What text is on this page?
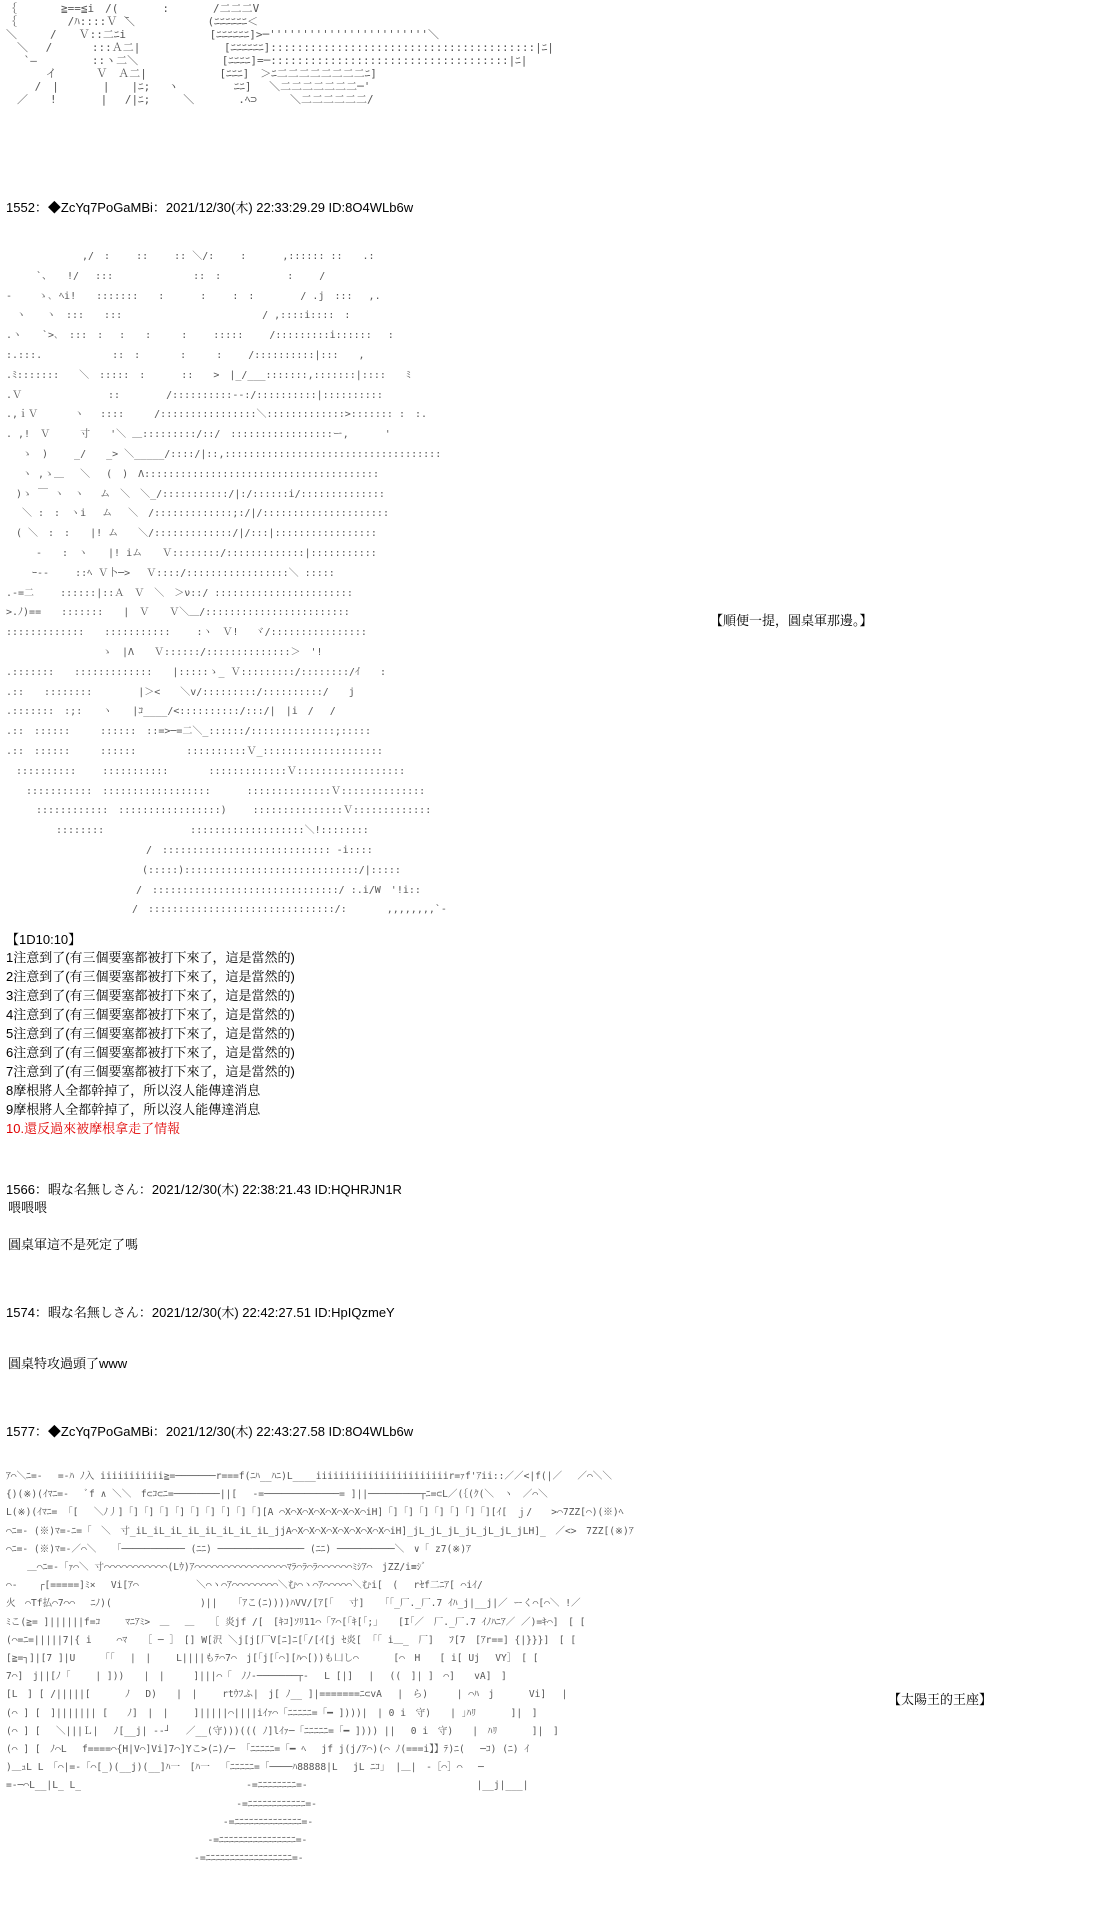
｛　　　　≧==≦i　/(　　　　:　　　　/二二二V
｛　　　　 /ﾊ::::Ｖ ̄＼　　　　　　 (ﾆﾆﾆﾆﾆﾆ＜
＼　　　/　　Ｖ::二ﾆi　　　　　　　 [ﾆﾆﾆﾆﾆﾆ]>─''''''''''''''''''''''''＼
　＼　 /　　　 :::Ａ二|　　　　　　　 [ﾆﾆﾆﾆﾆﾆ]::::::::::::::::::::::::::::::::::::::::|ﾆ|
　 `―　　　　　::ヽ二＼　　　　　　　 [ﾆﾆﾆﾆ]=─::::::::::::::::::::::::::::::::::::|ﾆ|
　　　 イ　　　 Ｖ　Ａ二|　　　　　　 [ﾆﾆﾆ]　＞ﾆ二二二二二二二二ﾆ]
　　 /　|　　　　|　　|ﾆ;　 ヽ　　　　　ﾆﾆ]　 ＼二二二二二二二─'
　／　　!　　　　|　 /|ﾆ;　　　＼　　　　.ﾍ⊃　　　＼二二二二二二/
1552：◆ZcYq7PoGaMBi：2021/12/30(木) 22:33:29.29 ID:8O4WLb6w
　　　　　　　 ,/　:　　 ::　　 :: ＼/:　　 :　　　 ,:::::: ::　　.:
　　　`、　　!/ 　:::　　　　　　　　::　:　　　　　　 :　　 /
-　　 ゝ､ ﾍi!　　:::::::　　:　　　 :　　 :　:　　　　 / .j　:::　 ,.
　ヽ　　ヽ　:::　　:::　　　　　　　　　　　　　　/ ,::::i::::　:
.ヽ　　`>､　:::　:　 :　　:　　　:　　 :::::　　 /:::::::::i::::::　 :
:.:::.　　　　　　　::　:　　　　:　　　:　　 /::::::::::|:::　　,
.ﾐ:::::::　　＼　:::::　:　　　 ::　　>　|_/___:::::::,:::::::|::::　　ﾐ
.Ｖ　　　　　　　　 ::　　　　 /::::::::::--:/::::::::::|::::::::::
.,ｉＶ　　　 ヽ　 ::::　　　/::::::::::::::::＼:::::::::::::>::::::: :　:.
. ,!　Ｖ　　　寸　　'＼ ＿:::::::::/::/　:::::::::::::::::ー,　　　 '
　 ゝ　)　　 _/　　_> ＼_____/::::/|::,::::::::::::::::::::::::::::::::::::
　 ヽ ,ゝ＿　 ＼　 (　)　Λ:::::::::::::::::::::::::::::::::::::::
　)ゝ ￣ ヽ　ヽ　 ム　＼　＼_/:::::::::::/|:/::::::i/::::::::::::::
　 ＼ :　:　ヽi　 ム　 ＼　/:::::::::::::;:/|/:::::::::::::::::::::
　( ＼　:　:　　|! ム　　＼/:::::::::::::/|/:::|:::::::::::::::::
　　　-　　:　ヽ　　|! iム　　Ｖ::::::::/:::::::::::::|:::::::::::
　　 ｰ-‐　　 ::ﾍ Ｖ卜─>　 Ｖ::::/:::::::::::::::::＼ :::::
.-=二　　 ::::::|::Ａ　Ｖ　＼　＞ν::/ :::::::::::::::::::::::
>.ﾉ)==　　:::::::　　|　Ｖ　　Ｖ＼＿/::::::::::::::::::::::::
:::::::::::::　　:::::::::::　　 :ヽ　Ｖ!　 ヾ/::::::::::::::::
　　　　　　　　　 ゝ　|Λ　　Ｖ::::::/::::::::::::::＞　'!
.:::::::　　:::::::::::::　　|:::::ゝ_ Ｖ:::::::::/::::::::/ｲ　　:
.::　　::::::::　　　　 |＞<　　＼v/:::::::::/::::::::::/　　j
.:::::::　:;:　　ヽ　　|ｺ____/<::::::::::/:::/|　|i　/　 /
.::　::::::　　　::::::　::=>─=二＼_::::::/::::::::::::::;:::::
.::　::::::　　　::::::　　　　　::::::::::Ｖ_::::::::::::::::::::
　::::::::::　　 :::::::::::　　　　:::::::::::::Ｖ::::::::::::::::::
　　:::::::::::　::::::::::::::::::　　　 ::::::::::::::Ｖ::::::::::::::
　　　::::::::::::　:::::::::::::::::)　　 :::::::::::::::Ｖ:::::::::::::
　　　　　::::::::　　　　　　　　 :::::::::::::::::::＼!::::::::
　　　　　　　　　　　　　　/　:::::::::::::::::::::::::::: -i::::
　　　　　　　　　　　　　 (:::::):::::::::::::::::::::::::::::/|:::::
　　　　　　　　　　　　　/　:::::::::::::::::::::::::::::::/ :.i/W　'!i::
　　　　　　　　　　　　 /　:::::::::::::::::::::::::::::::/:　　　　,,,,,,,,`-
【順便一提，圓桌軍那邊。】
【1D10:10】
1注意到了(有三個要塞都被打下來了，這是當然的)
2注意到了(有三個要塞都被打下來了，這是當然的)
3注意到了(有三個要塞都被打下來了，這是當然的)
4注意到了(有三個要塞都被打下來了，這是當然的)
5注意到了(有三個要塞都被打下來了，這是當然的)
6注意到了(有三個要塞都被打下來了，這是當然的)
7注意到了(有三個要塞都被打下來了，這是當然的)
8摩根將人全都幹掉了，所以沒人能傳達消息
9摩根將人全都幹掉了，所以沒人能傳達消息
10.還反過來被摩根拿走了情報
1566：暇な名無しさん：2021/12/30(木) 22:38:21.43 ID:HQHRJN1R
喂喂喂
圓桌軍這不是死定了嗎
1574：暇な名無しさん：2021/12/30(木) 22:42:27.51 ID:HpIQzmeY
圓桌特攻過頭了www
1577：◆ZcYq7PoGaMBi：2021/12/30(木) 22:43:27.58 ID:8O4WLb6w
ｱ⌒＼ﾆ=-　 =-ﾊ ﾉ入 iiiiiiiiiii≧=───────r===f(ﾆﾊ__ﾊﾆ)L____iiiiiiiiiiiiiiiiiiiiiiir=ｧf'ｱii::／／<|f(|／　 ／⌒＼＼
{)(※)(ｲﾏﾆ=- 　ﾞf ∧ ＼＼　f⊂ｺ⊂ﾆ=────────||[　 -=─────────────= ]||─────────┬ﾆ=⊂L／(｛(ｸ(＼　ヽ　／⌒＼
L(※)(ｲﾏﾆ= 「[　 ＼ﾉ丿]「]「]「]「]「]「]「]「]「][A ⌒X⌒X⌒X⌒X⌒X⌒X⌒X⌒iH]「]「]「]「]「]「]「][ｲ[　ｊ/　　>⌒7ZZ[⌒)(※)ﾍ
⌒ﾆ=- (※)ﾏ=-ﾆ=「　＼　寸_iL_iL_iL_iL_iL_iL_iL_iL_jjA⌒X⌒X⌒X⌒X⌒X⌒X⌒X⌒X⌒iH]_jL_jL_jL_jL_jL_jL_jLH]_　／<>　7ZZ[(※)ｱ
⌒ﾆ=- (※)ﾏ=-／⌒＼　 「─────────── (ﾆﾆ) ─────────────── (ﾆﾆ) ──────────＼　∨「 z7(※)ｱ
　 ＿⌒ﾆ=-「ｧ⌒＼ 寸⌒⌒⌒⌒⌒⌒⌒⌒⌒⌒⌒(Lｳ)ｱ⌒⌒⌒⌒⌒⌒⌒⌒⌒⌒⌒⌒⌒⌒⌒⌒ﾏﾗ⌒ﾗ⌒ﾗ⌒⌒⌒⌒⌒⌒ﾐｼｱ⌒　jZZ/i≡ｼﾞ
⌒- 　 ┌[=====]ﾐ×　 Vi[ｱ⌒　　　　　　＼⌒ヽ⌒ｱ⌒⌒⌒⌒⌒⌒⌒⌒＼む⌒ヽ⌒ｱ⌒⌒⌒⌒⌒＼むi[　(　 rｾf二ﾆｱ[ ⌒iｲ/
火　⌒Tf払⌒7⌒⌒ 　ﾆﾉ)( 　　　　　　　　 )||　 「ｱこ(ﾆ))))ﾊVV/[ｱ[「　 寸]　 「「_厂._厂.7 ｲﾊ_j|__j|／ ーく⌒[⌒＼ !／
ﾐこ(≧= ]||||||f=ｺ　　 ﾏﾆｱﾐ>　＿　 ＿　 ［ 炎jf /[　[ｷｺ]ｿﾘ11⌒「ｱ⌒[「ｷ[「;」 　[I｢／　厂._厂.7 ｲﾉﾊﾆｱ／ ／)=ｷ⌒]　[ [
(⌒=ﾆ=|||||7|{ i　　 ⌒ﾏ　 ［ ─ ］　[] W[沢 ＼j[j[厂V[ﾆ]ﾆ[「/[ｲ[j ｾ炎[ 「「 i＿_　厂]　 ﾌ[7　[ｱr==] {|}}}]　[ [
[≧=┐]|[7 ]|U　　 「「 　|　|　　 L||||もﾃ⌒7⌒　j[「j[「⌒][ﾊ⌒[))も凵し⌒　　　 [⌒　H　　[ i[ Uj 　VY］　[ [
7⌒]　j||[ﾉ「 　　| ]))　　|　|　　　]|||⌒「　ﾉﾉ-───────┬- 　L [|]　 |　 ((　]| ]　⌒]　　vA]　]
[L　] [ /|||||[ 　　　ﾉ 　D)　　|　|　 　rtｳﾌふ|　j[ ﾉ__ ]|=======ﾆ⊂vA　 |　ら)　　　| ⌒ﾊ　j　　　 Vi]　 |
(⌒ ] [　]||||||| [　　ﾉ]　|　|　　 ]|||||⌒||||iｲｧ⌒「ﾆﾆﾆﾆﾆ=「━ ])))|　| 0 i　守)　　| ｣ﾊﾘ　　　 ]|　]
(⌒ ] [　 ＼|||Ｌ|　 ﾉ[__j| ‐-┘　 ／__(守)))((( ﾉ]lｲｧ─「ﾆﾆﾆﾆﾆ=「━ ]))) ||　 0 i　守)　　|　ﾊﾘ　　　 ]|　]
(⌒ ] [　ﾉ⌒L 　f====⌒{H|V⌒]Vi]7⌒]Yこ>(ﾆ)/─ 「ﾆﾆﾆﾆﾆ=「━ ﾍ 　jf j(j/ｱ⌒)(⌒ ﾉ(===i】】ﾃ)ﾆ(　 ─ｺ) (ﾆ) ｲ
)＿ｭL L　「⌒|=-「⌒[_)(__j)(__]ﾊ一　[ﾊ一 　「ﾆﾆﾆﾆﾆ=「────ﾊ88888|L 　jL ﾆｺ」 |＿|　-［⌒］⌒ 　─
=-─⌒L__|L_ L_ 　　　　　　　　　　　　　　　　 -=ﾆﾆﾆﾆﾆﾆﾆﾆ=-　　　　　　　　　　　　　　　　　 |__j|___|
　　　　　　　　　　　　　　　　　　　　　　　　-=ﾆﾆﾆﾆﾆﾆﾆﾆﾆﾆﾆﾆ=-
　　　　　　　　　　　　　　　　　　　　　　 -=ﾆﾆﾆﾆﾆﾆﾆﾆﾆﾆﾆﾆﾆﾆ=-
　　　　　　　　　　　　　　　　　　　　　-=ﾆﾆﾆﾆﾆﾆﾆﾆﾆﾆﾆﾆﾆﾆﾆﾆ=-
　　　　　　　　　　　　　　　　　　　 -=ﾆﾆﾆﾆﾆﾆﾆﾆﾆﾆﾆﾆﾆﾆﾆﾆﾆﾆ=-
【太陽王的王座】
